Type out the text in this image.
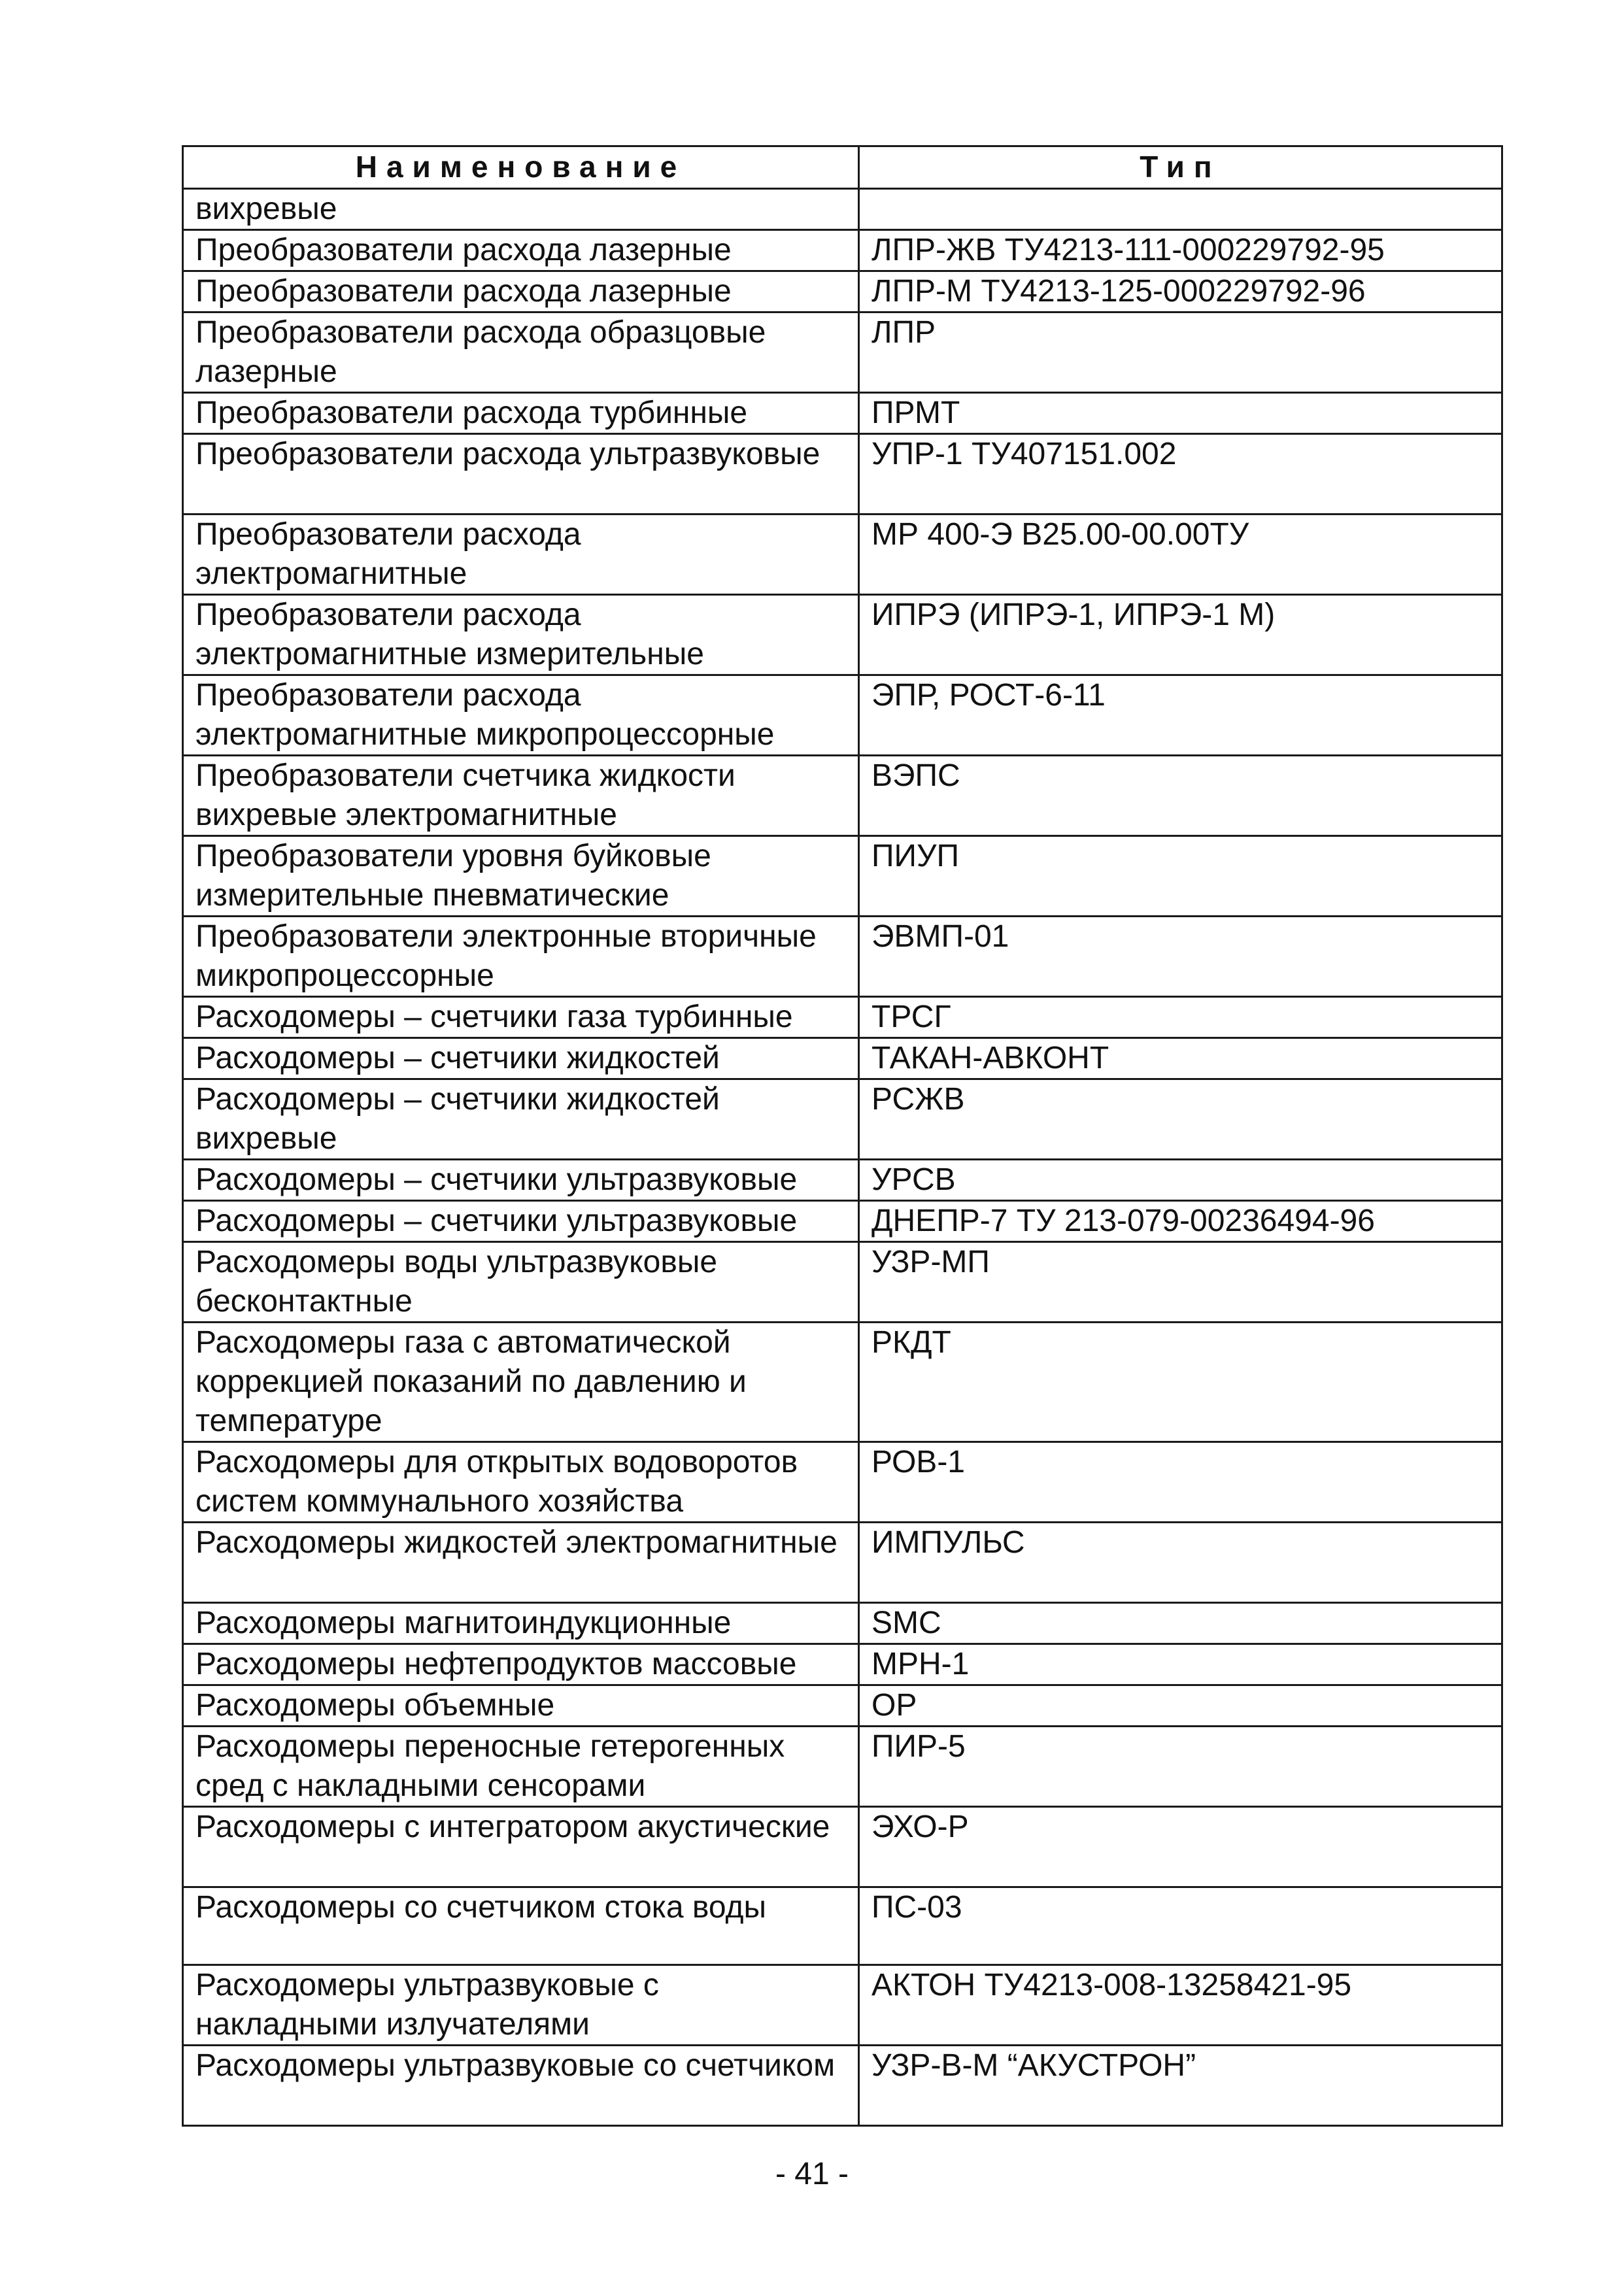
Наименование	Тип
вихревые	
Преобразователи расхода лазерные	ЛПР-ЖВ ТУ4213-111-000229792-95
Преобразователи расхода лазерные	ЛПР-М ТУ4213-125-000229792-96
Преобразователи расхода образцовые лазерные	ЛПР
Преобразователи расхода турбинные	ПРМТ
Преобразователи расхода ультразвуковые	УПР-1 ТУ407151.002
Преобразователи расхода электромагнитные	МР 400-Э В25.00-00.00ТУ
Преобразователи расхода электромагнитные измерительные	ИПРЭ (ИПРЭ-1, ИПРЭ-1 М)
Преобразователи расхода электромагнитные микропроцессорные	ЭПР, РОСТ-6-11
Преобразователи счетчика жидкости вихревые электромагнитные	ВЭПС
Преобразователи уровня буйковые измерительные пневматические	ПИУП
Преобразователи электронные вторичные микропроцессорные	ЭВМП-01
Расходомеры – счетчики газа турбинные	ТРСГ
Расходомеры – счетчики жидкостей	ТАКАН-АВКОНТ
Расходомеры – счетчики жидкостей вихревые	РСЖВ
Расходомеры – счетчики ультразвуковые	УРСВ
Расходомеры – счетчики ультразвуковые	ДНЕПР-7 ТУ 213-079-00236494-96
Расходомеры воды ультразвуковые бесконтактные	УЗР-МП
Расходомеры газа с автоматической коррекцией показаний по давлению и температуре	РКДТ
Расходомеры для открытых водоворотов систем коммунального хозяйства	РОВ-1
Расходомеры жидкостей электромагнитные	ИМПУЛЬС
Расходомеры магнитоиндукционные	SMC
Расходомеры нефтепродуктов массовые	МРН-1
Расходомеры объемные	ОР
Расходомеры переносные гетерогенных сред с накладными сенсорами	ПИР-5
Расходомеры с интегратором акустические	ЭХО-Р
Расходомеры со счетчиком стока воды	ПС-03
Расходомеры ультразвуковые с накладными излучателями	АКТОН ТУ4213-008-13258421-95
Расходомеры ультразвуковые со счетчиком	УЗР-В-М “АКУСТРОН”
- 41 -
